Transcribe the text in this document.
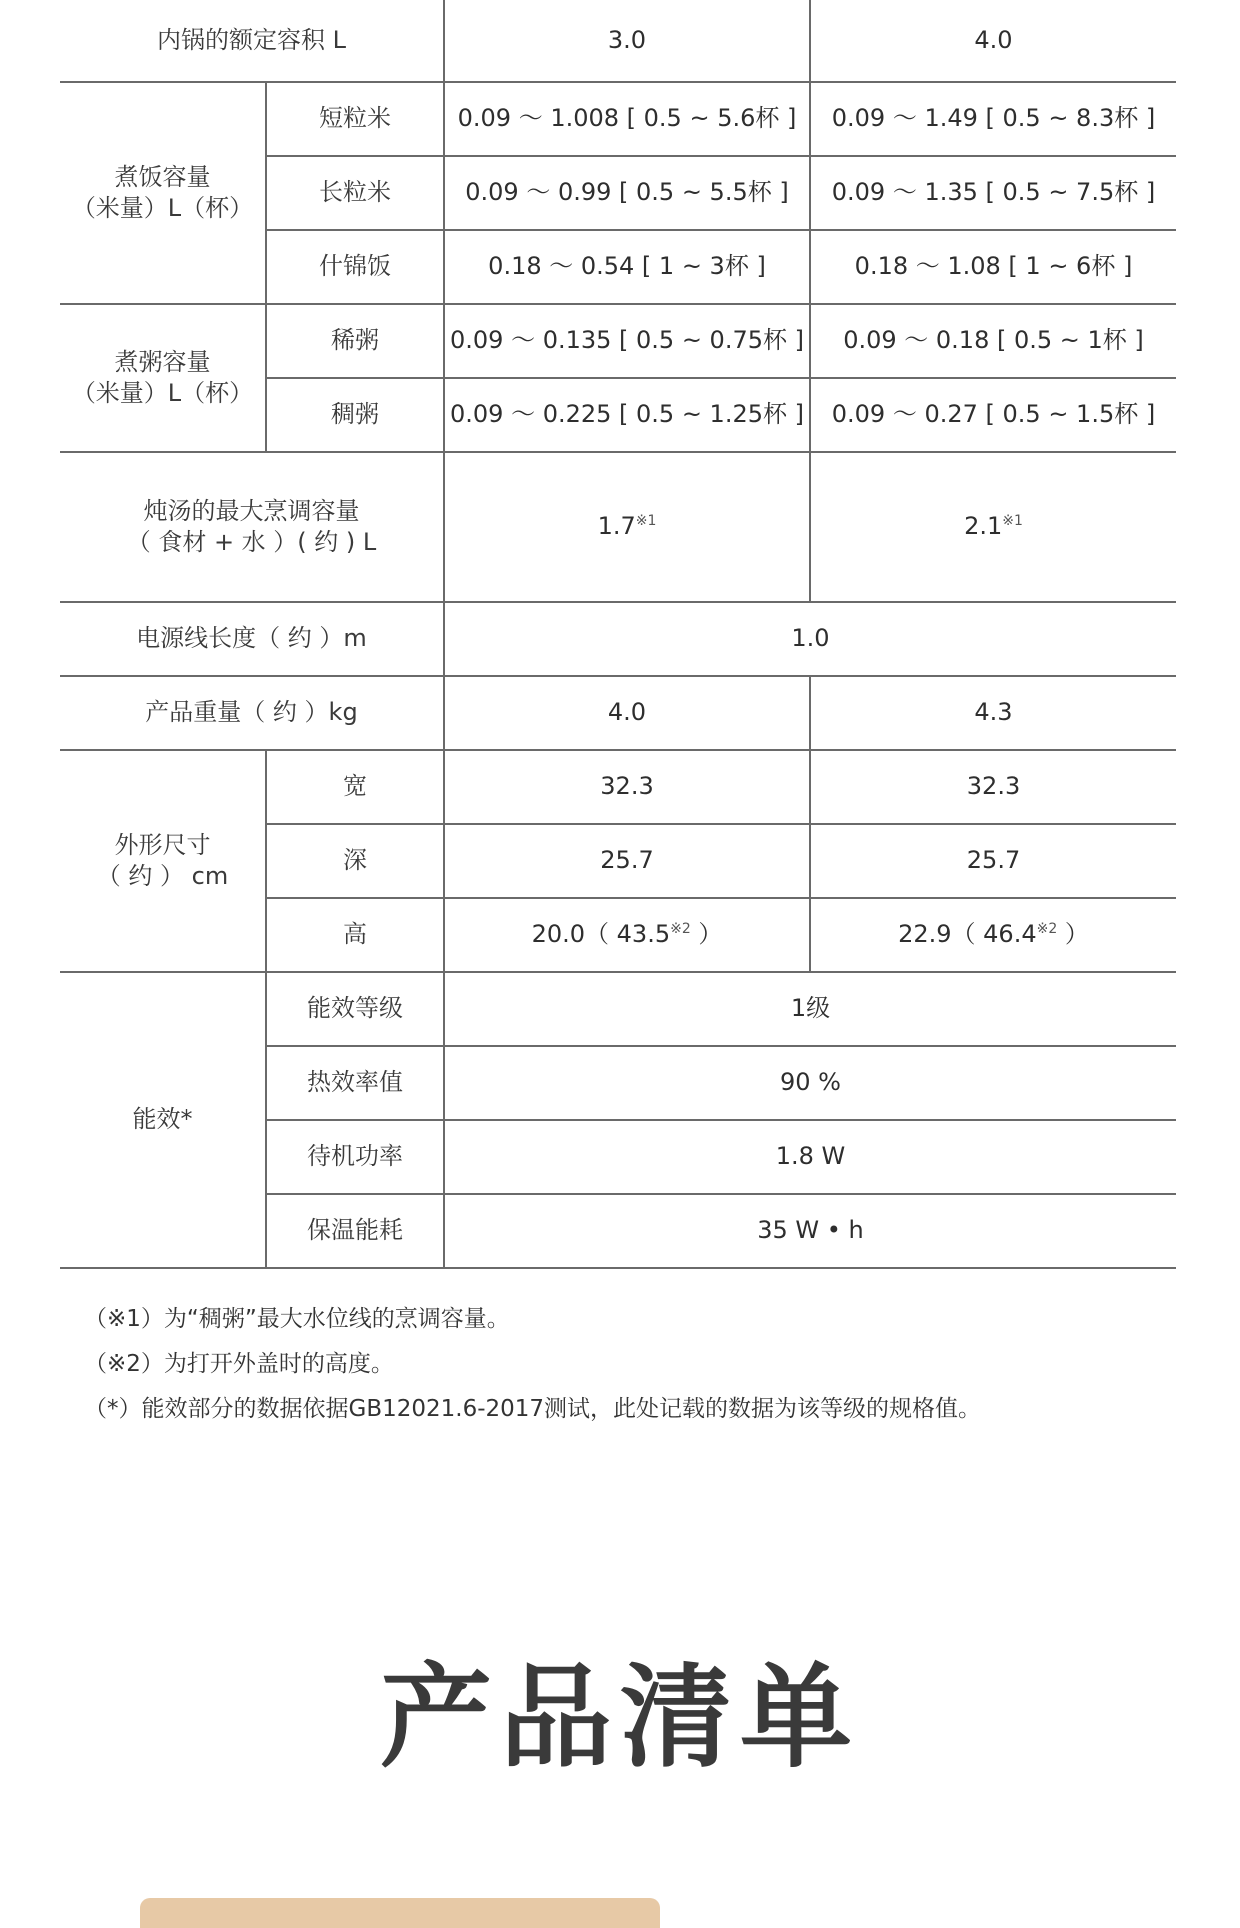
内锅的额定容积 L		3.0	4.0

煮饭容量
（米量）L（杯）	短粒米	0.09 ～ 1.008 [ 0.5 ~ 5.6杯 ]	0.09 ～ 1.49 [ 0.5 ~ 8.3杯 ]
	长粒米	0.09 ～ 0.99 [ 0.5 ~ 5.5杯 ]	0.09 ～ 1.35 [ 0.5 ~ 7.5杯 ]
	什锦饭	0.18 ～ 0.54 [ 1 ~ 3杯 ]	0.18 ～ 1.08 [ 1 ~ 6杯 ]

煮粥容量
（米量）L（杯）	稀粥	0.09 ～ 0.135 [ 0.5 ~ 0.75杯 ]	0.09 ～ 0.18 [ 0.5 ~ 1杯 ]
	稠粥	0.09 ～ 0.225 [ 0.5 ~ 1.25杯 ]	0.09 ～ 0.27 [ 0.5 ~ 1.5杯 ]

炖汤的最大烹调容量
（ 食材 + 水 ）( 约 ) L		1.7$^{※1}$	2.1$^{※1}$
电源线长度（ 约 ）m		1.0	
产品重量（ 约 ）kg		4.0	4.3

外形尺寸
（ 约 ） cm	宽	32.3	32.3
	深	25.7	25.7
	高	20.0（ 43.5$^{※2}$ ）	22.9（ 46.4$^{※2}$ ）
能效*	能效等级	1级	
	热效率值	90 %	
	待机功率	1.8 W	
	保温能耗	35 W • h	
（※1）为“稠粥”最大水位线的烹调容量。
（※2）为打开外盖时的高度。
（*）能效部分的数据依据GB12021.6-2017测试，此处记载的数据为该等级的规格值。
产品清单
